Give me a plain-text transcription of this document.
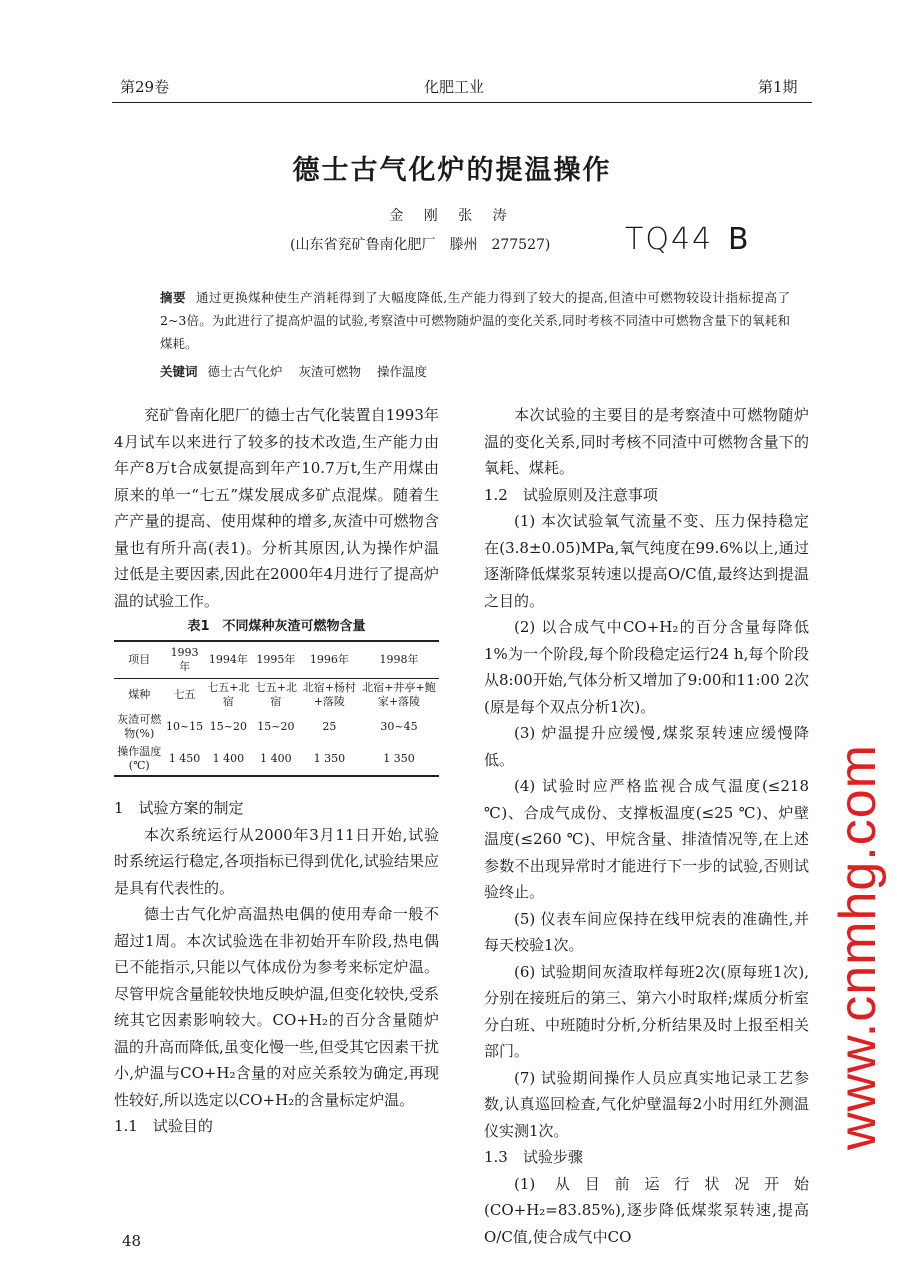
第29卷	化肥工业	第1期
德士古气化炉的提温操作
金 刚 张 涛
(山东省兖矿鲁南化肥厂　滕州　277527) TQ44 B
摘要 通过更换煤种使生产消耗得到了大幅度降低,生产能力得到了较大的提高,但渣中可燃物较设计指标提高了2~3倍。为此进行了提高炉温的试验,考察渣中可燃物随炉温的变化关系,同时考核不同渣中可燃物含量下的氧耗和煤耗。
关键词 德士古气化炉 灰渣可燃物 操作温度

兖矿鲁南化肥厂的德士古气化装置自1993年4月试车以来进行了较多的技术改造,生产能力由年产8万t合成氨提高到年产10.7万t,生产用煤由原来的单一“七五”煤发展成多矿点混煤。随着生产产量的提高、使用煤种的增多,灰渣中可燃物含量也有所升高(表1)。分析其原因,认为操作炉温过低是主要因素,因此在2000年4月进行了提高炉温的试验工作。

表1　不同煤种灰渣可燃物含量
项目	1993年	1994年	1995年	1996年	1998年
煤种	七五	七五+北宿	七五+北宿	北宿+杨村+落陵	北宿+井亭+鲍家+落陵
灰渣可燃物(%)	10~15	15~20	15~20	25	30~45
操作温度(℃)	1 450	1 400	1 400	1 350	1 350

1　试验方案的制定

本次系统运行从2000年3月11日开始,试验时系统运行稳定,各项指标已得到优化,试验结果应是具有代表性的。

德士古气化炉高温热电偶的使用寿命一般不超过1周。本次试验选在非初始开车阶段,热电偶已不能指示,只能以气体成份为参考来标定炉温。尽管甲烷含量能较快地反映炉温,但变化较快,受系统其它因素影响较大。CO+H₂的百分含量随炉温的升高而降低,虽变化慢一些,但受其它因素干扰小,炉温与CO+H₂含量的对应关系较为确定,再现性较好,所以选定以CO+H₂的含量标定炉温。

1.1　试验目的

本次试验的主要目的是考察渣中可燃物随炉温的变化关系,同时考核不同渣中可燃物含量下的氧耗、煤耗。

1.2　试验原则及注意事项

(1) 本次试验氧气流量不变、压力保持稳定在(3.8±0.05)MPa,氧气纯度在99.6%以上,通过逐渐降低煤浆泵转速以提高O/C值,最终达到提温之目的。

(2) 以合成气中CO+H₂的百分含量每降低1%为一个阶段,每个阶段稳定运行24 h,每个阶段从8:00开始,气体分析又增加了9:00和11:00 2次(原是每个双点分析1次)。

(3) 炉温提升应缓慢,煤浆泵转速应缓慢降低。

(4) 试验时应严格监视合成气温度(≤218 ℃)、合成气成份、支撑板温度(≤25 ℃)、炉壁温度(≤260 ℃)、甲烷含量、排渣情况等,在上述参数不出现异常时才能进行下一步的试验,否则试验终止。

(5) 仪表车间应保持在线甲烷表的准确性,并每天校验1次。

(6) 试验期间灰渣取样每班2次(原每班1次),分别在接班后的第三、第六小时取样;煤质分析室分白班、中班随时分析,分析结果及时上报至相关部门。

(7) 试验期间操作人员应真实地记录工艺参数,认真巡回检查,气化炉壁温每2小时用红外测温仪实测1次。

1.3　试验步骤

(1) 从目前运行状况开始(CO+H₂=83.85%),逐步降低煤浆泵转速,提高O/C值,使合成气中CO

48
www.cnmhg.com
